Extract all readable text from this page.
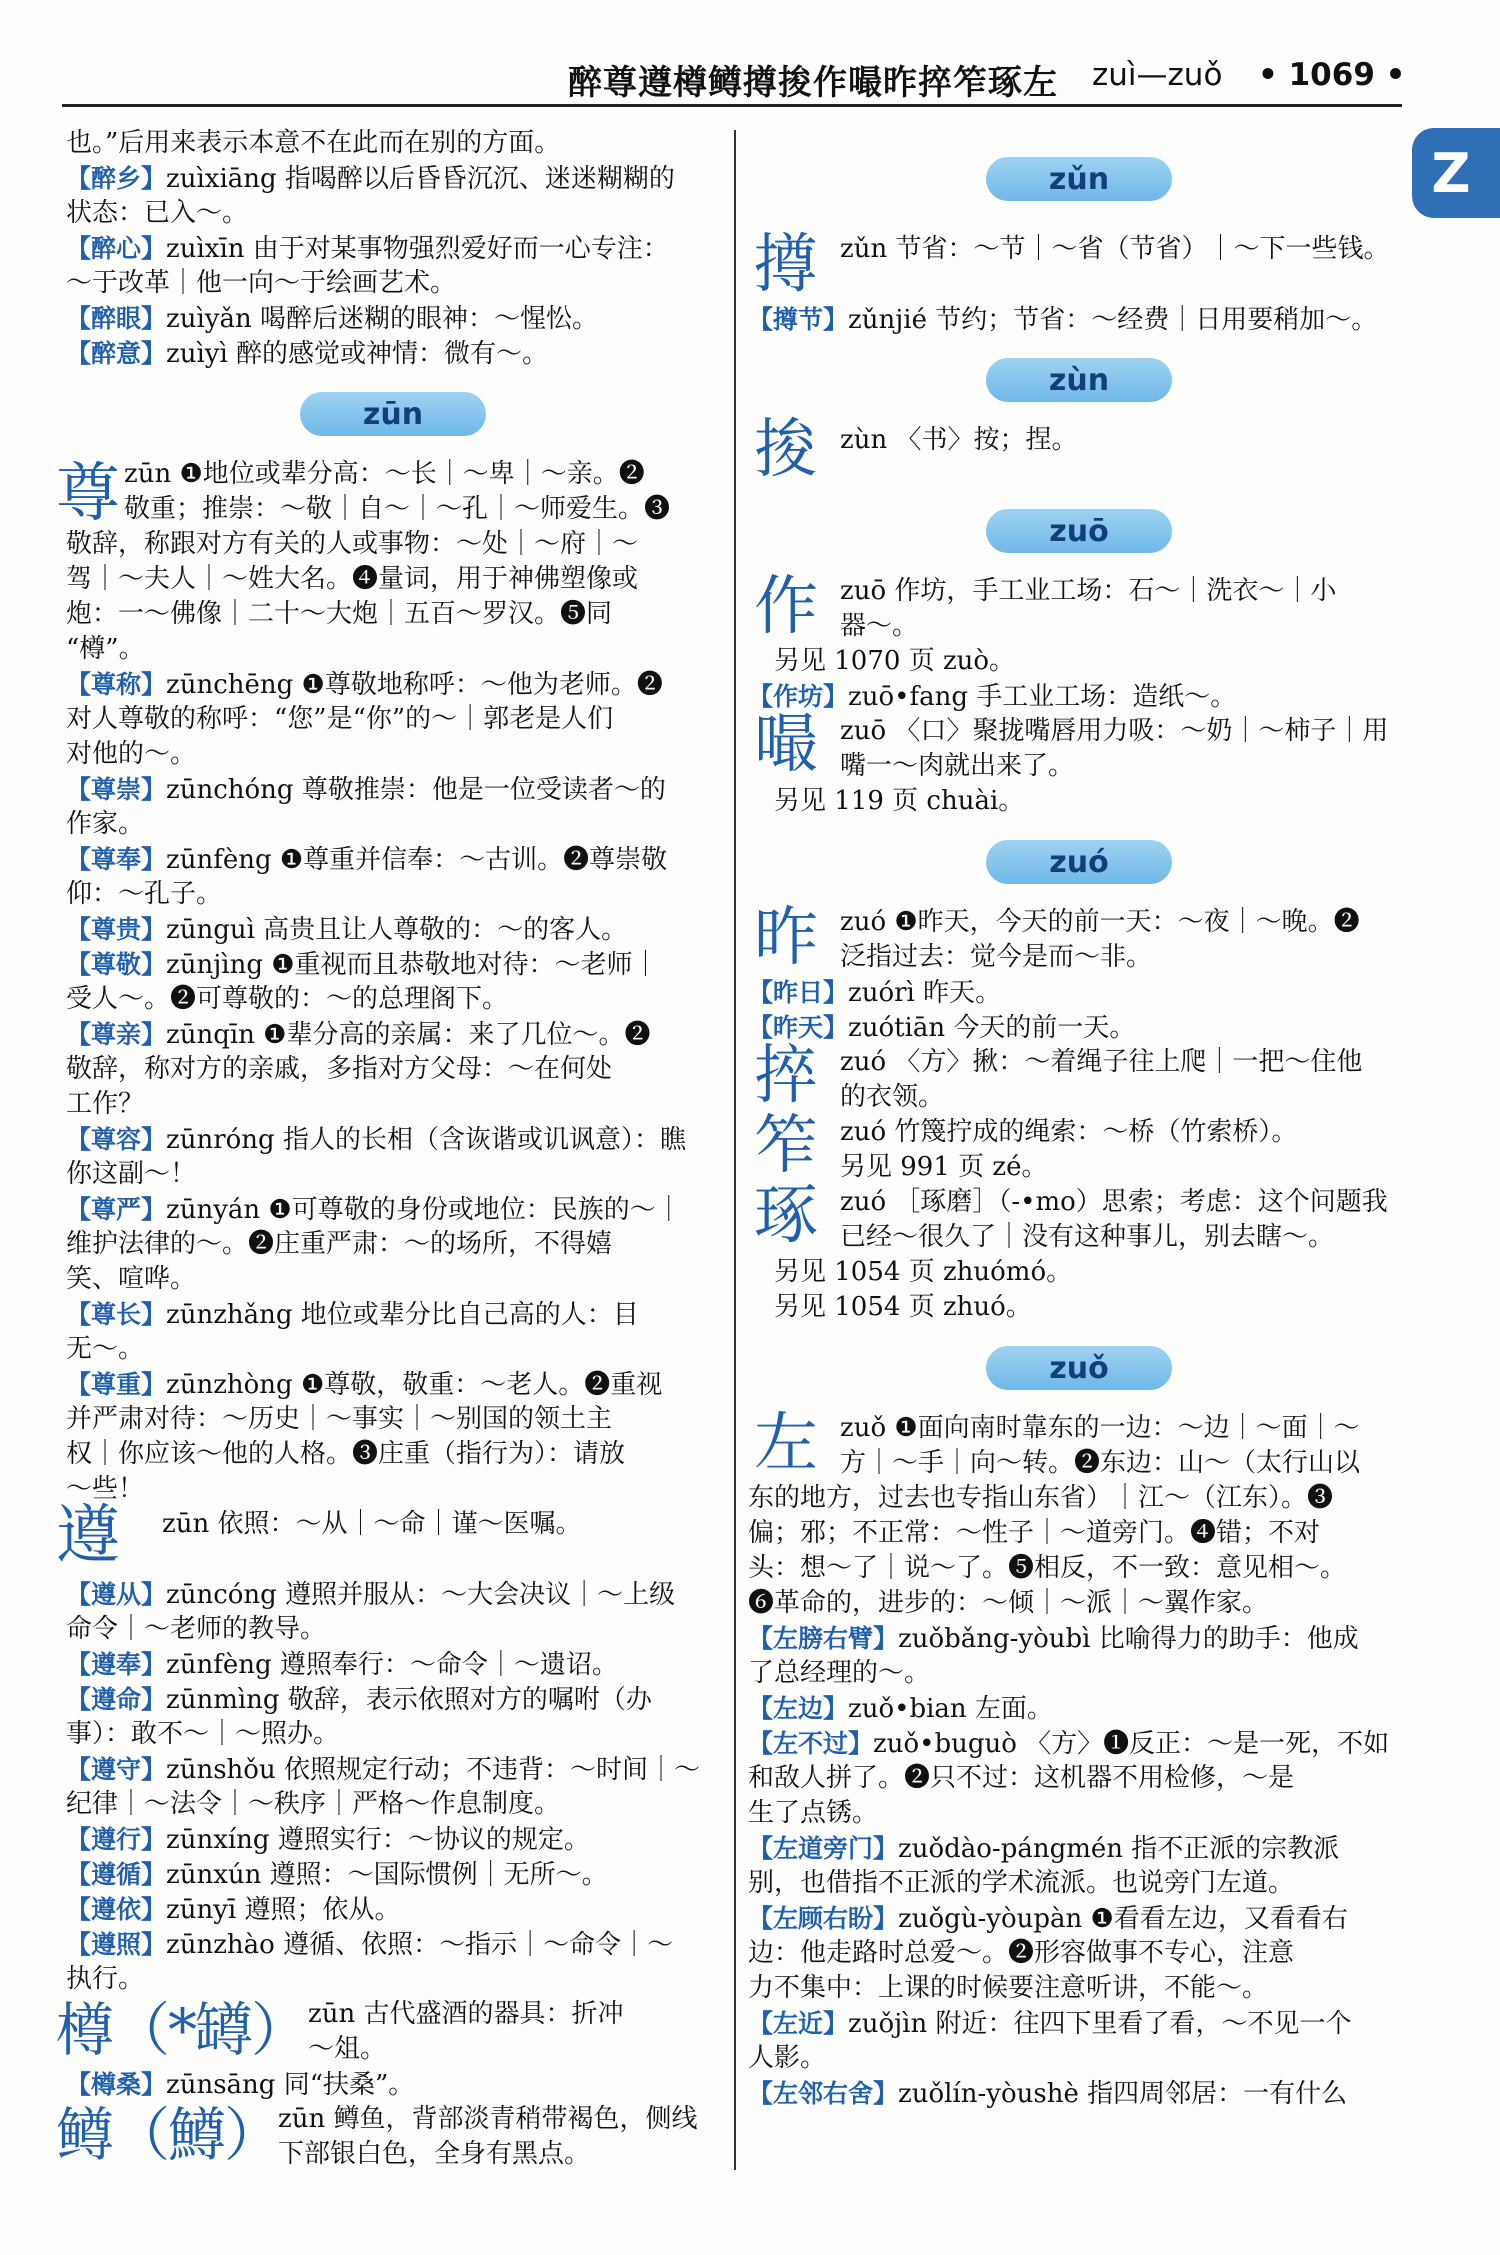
醉尊遵樽鳟撙捘作嘬昨捽笮琢左 zuì—zuǒ • 1069 •
Z
也。”后用来表示本意不在此而在别的方面。
【醉乡】zuìxiāng 指喝醉以后昏昏沉沉、迷迷糊糊的
状态：已入～。
【醉心】zuìxīn 由于对某事物强烈爱好而一心专注：
～于改革｜他一向～于绘画艺术。
【醉眼】zuìyǎn 喝醉后迷糊的眼神：～惺忪。
【醉意】zuìyì 醉的感觉或神情：微有～。
zūn
尊 zūn ❶地位或辈分高：～长｜～卑｜～亲。❷
敬重；推崇：～敬｜自～｜～孔｜～师爱生。❸
敬辞，称跟对方有关的人或事物：～处｜～府｜～
驾｜～夫人｜～姓大名。❹量词，用于神佛塑像或
炮：一～佛像｜二十～大炮｜五百～罗汉。❺同
“樽”。
【尊称】zūnchēng ❶尊敬地称呼：～他为老师。❷
对人尊敬的称呼：“您”是“你”的～｜郭老是人们
对他的～。
【尊崇】zūnchóng 尊敬推崇：他是一位受读者～的
作家。
【尊奉】zūnfèng ❶尊重并信奉：～古训。❷尊崇敬
仰：～孔子。
【尊贵】zūnguì 高贵且让人尊敬的：～的客人。
【尊敬】zūnjìng ❶重视而且恭敬地对待：～老师｜
受人～。❷可尊敬的：～的总理阁下。
【尊亲】zūnqīn ❶辈分高的亲属：来了几位～。❷
敬辞，称对方的亲戚，多指对方父母：～在何处
工作？
【尊容】zūnróng 指人的长相（含诙谐或讥讽意）：瞧
你这副～！
【尊严】zūnyán ❶可尊敬的身份或地位：民族的～｜
维护法律的～。❷庄重严肃：～的场所，不得嬉
笑、喧哗。
【尊长】zūnzhǎng 地位或辈分比自己高的人：目
无～。
【尊重】zūnzhòng ❶尊敬，敬重：～老人。❷重视
并严肃对待：～历史｜～事实｜～别国的领土主
权｜你应该～他的人格。❸庄重（指行为）：请放
～些！
遵	zūn 依照：～从｜～命｜谨～医嘱。
【遵从】zūncóng 遵照并服从：～大会决议｜～上级
命令｜～老师的教导。
【遵奉】zūnfèng 遵照奉行：～命令｜～遗诏。
【遵命】zūnmìng 敬辞，表示依照对方的嘱咐（办
事）：敢不～｜～照办。
【遵守】zūnshǒu 依照规定行动；不违背：～时间｜～
纪律｜～法令｜～秩序｜严格～作息制度。
【遵行】zūnxíng 遵照实行：～协议的规定。
【遵循】zūnxún 遵照：～国际惯例｜无所～。
【遵依】zūnyī 遵照；依从。
【遵照】zūnzhào 遵循、依照：～指示｜～命令｜～
执行。
樽（*罇） zūn 古代盛酒的器具：折冲
～俎。
【樽桑】zūnsāng 同“扶桑”。
鳟（鱒）
zūn 鳟鱼，背部淡青稍带褐色，侧线
下部银白色，全身有黑点。
zǔn
撙 zǔn 节省：～节｜～省（节省）｜～下一些钱。
【撙节】zǔnjié 节约；节省：～经费｜日用要稍加～。
zùn
捘 zùn 〈书〉按；捏。
zuō
作 zuō 作坊，手工业工场：石～｜洗衣～｜小
器～。
另见 1070 页 zuò。
【作坊】zuō•fang 手工业工场：造纸～。
嘬 zuō 〈口〉聚拢嘴唇用力吸：～奶｜～柿子｜用
嘴一～肉就出来了。
另见 119 页 chuài。
zuó
昨 zuó ❶昨天，今天的前一天：～夜｜～晚。❷
泛指过去：觉今是而～非。
【昨日】zuórì 昨天。
【昨天】zuótiān 今天的前一天。
捽 zuó 〈方〉揪：～着绳子往上爬｜一把～住他
的衣领。
笮 zuó 竹篾拧成的绳索：～桥（竹索桥）。
另见 991 页 zé。
琢 zuó ［琢磨］（-•mo）思索；考虑：这个问题我
已经～很久了｜没有这种事儿，别去瞎～。
另见 1054 页 zhuómó。
另见 1054 页 zhuó。
zuǒ
左 zuǒ ❶面向南时靠东的一边：～边｜～面｜～
方｜～手｜向～转。❷东边：山～（太行山以
东的地方，过去也专指山东省）｜江～（江东）。❸
偏；邪；不正常：～性子｜～道旁门。❹错；不对
头：想～了｜说～了。❺相反，不一致：意见相～。
❻革命的，进步的：～倾｜～派｜～翼作家。
【左膀右臂】zuǒbǎng-yòubì 比喻得力的助手：他成
了总经理的～。
【左边】zuǒ•bian 左面。
【左不过】zuǒ•buguò 〈方〉❶反正：～是一死，不如
和敌人拼了。❷只不过：这机器不用检修，～是
生了点锈。
【左道旁门】zuǒdào-pángmén 指不正派的宗教派
别，也借指不正派的学术流派。也说旁门左道。
【左顾右盼】zuǒgù-yòupàn ❶看看左边，又看看右
边：他走路时总爱～。❷形容做事不专心，注意
力不集中：上课的时候要注意听讲，不能～。
【左近】zuǒjìn 附近：往四下里看了看，～不见一个
人影。
【左邻右舍】zuǒlín-yòushè 指四周邻居：一有什么
